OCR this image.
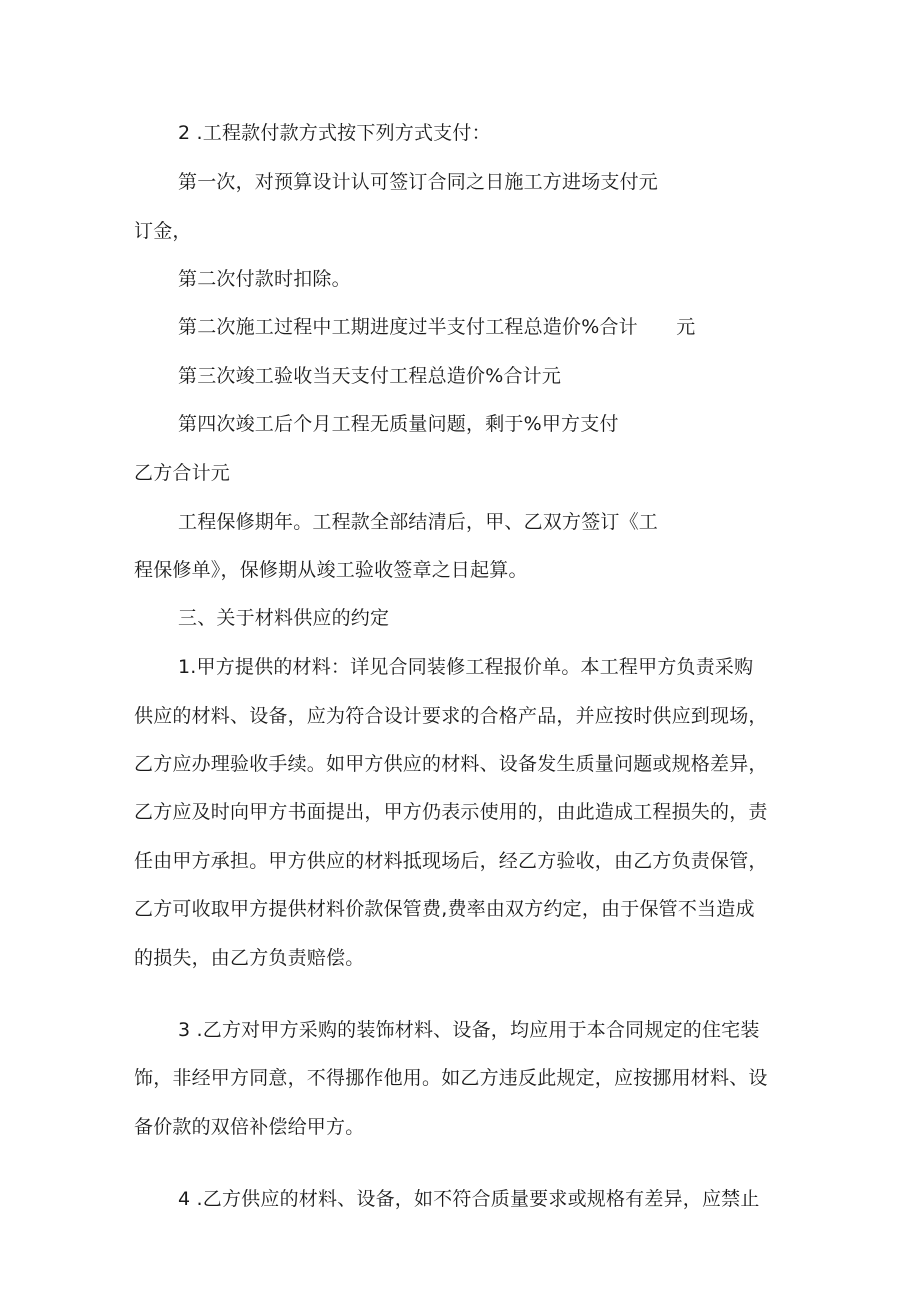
2 .工程款付款方式按下列方式支付：
第一次，对预算设计认可签订合同之日施工方进场支付元
订金，
第二次付款时扣除。
第二次施工过程中工期进度过半支付工程总造价%合计　　元
第三次竣工验收当天支付工程总造价%合计元
第四次竣工后个月工程无质量问题，剩于%甲方支付
乙方合计元
工程保修期年。工程款全部结清后，甲、乙双方签订《工
程保修单》，保修期从竣工验收签章之日起算。
三、关于材料供应的约定
1.甲方提供的材料：详见合同装修工程报价单。本工程甲方负责采购
供应的材料、设备，应为符合设计要求的合格产品，并应按时供应到现场，
乙方应办理验收手续。如甲方供应的材料、设备发生质量问题或规格差异，
乙方应及时向甲方书面提出，甲方仍表示使用的，由此造成工程损失的，责
任由甲方承担。甲方供应的材料抵现场后，经乙方验收，由乙方负责保管，
乙方可收取甲方提供材料价款保管费,费率由双方约定，由于保管不当造成
的损失，由乙方负责赔偿。
3 .乙方对甲方采购的装饰材料、设备，均应用于本合同规定的住宅装
饰，非经甲方同意，不得挪作他用。如乙方违反此规定，应按挪用材料、设
备价款的双倍补偿给甲方。
4 .乙方供应的材料、设备，如不符合质量要求或规格有差异，应禁止
